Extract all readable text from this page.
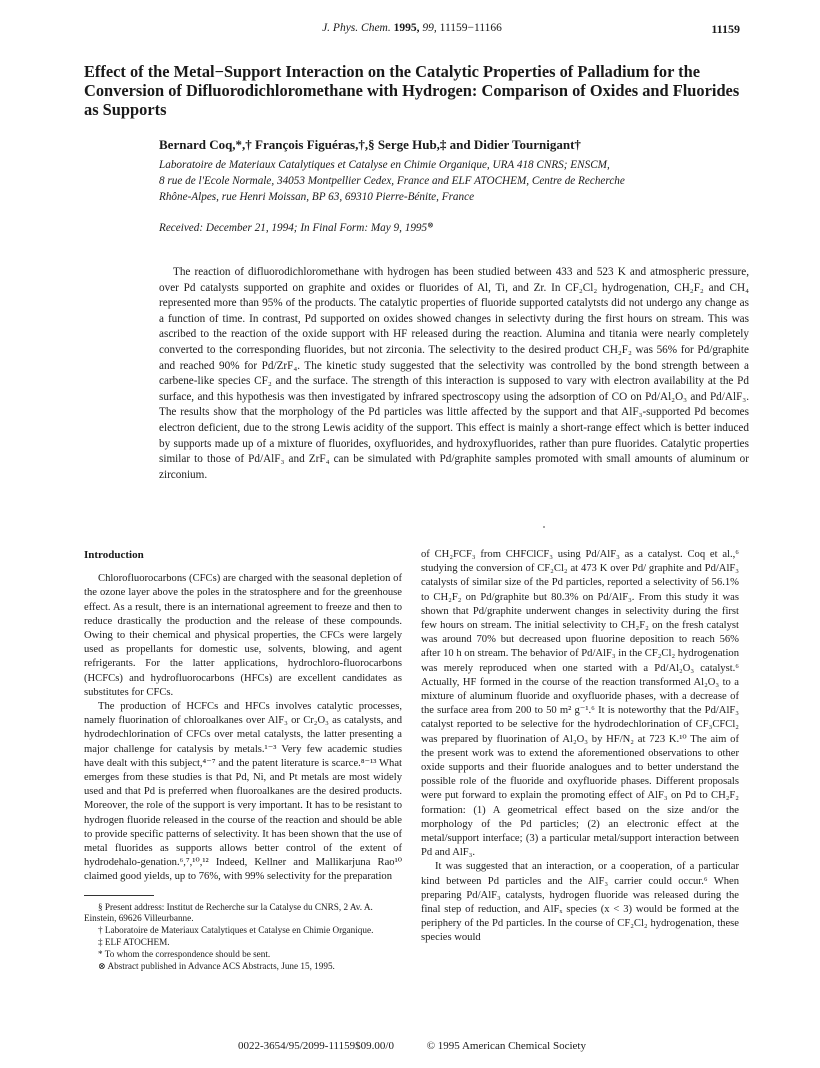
J. Phys. Chem. 1995, 99, 11159−11166	11159
Effect of the Metal−Support Interaction on the Catalytic Properties of Palladium for the Conversion of Difluorodichloromethane with Hydrogen: Comparison of Oxides and Fluorides as Supports
Bernard Coq,*,† François Figuéras,†,§ Serge Hub,‡ and Didier Tournigant†
Laboratoire de Materiaux Catalytiques et Catalyse en Chimie Organique, URA 418 CNRS; ENSCM,
8 rue de l'Ecole Normale, 34053 Montpellier Cedex, France and ELF ATOCHEM, Centre de Recherche
Rhône-Alpes, rue Henri Moissan, BP 63, 69310 Pierre-Bénite, France
Received: December 21, 1994; In Final Form: May 9, 1995⊗
The reaction of difluorodichloromethane with hydrogen has been studied between 433 and 523 K and atmospheric pressure, over Pd catalysts supported on graphite and oxides or fluorides of Al, Ti, and Zr. In CF₂Cl₂ hydrogenation, CH₂F₂ and CH₄ represented more than 95% of the products. The catalytic properties of fluoride supported catalytsts did not undergo any change as a function of time. In contrast, Pd supported on oxides showed changes in selectivty during the first hours on stream. This was ascribed to the reaction of the oxide support with HF released during the reaction. Alumina and titania were nearly completely converted to the corresponding fluorides, but not zirconia. The selectivity to the desired product CH₂F₂ was 56% for Pd/graphite and reached 90% for Pd/ZrF₄. The kinetic study suggested that the selectivity was controlled by the bond strength between a carbene-like species CF₂ and the surface. The strength of this interaction is supposed to vary with electron availability at the Pd surface, and this hypothesis was then investigated by infrared spectroscopy using the adsorption of CO on Pd/Al₂O₃ and Pd/AlF₃. The results show that the morphology of the Pd particles was little affected by the support and that AlF₃-supported Pd becomes electron deficient, due to the strong Lewis acidity of the support. This effect is mainly a short-range effect which is better induced by supports made up of a mixture of fluorides, oxyfluorides, and hydroxyfluorides, rather than pure fluorides. Catalytic properties similar to those of Pd/AlF₃ and ZrF₄ can be simulated with Pd/graphite samples promoted with small amounts of aluminum or zirconium.
Introduction

Chlorofluorocarbons (CFCs) are charged with the seasonal depletion of the ozone layer above the poles in the stratosphere and for the greenhouse effect. As a result, there is an international agreement to freeze and then to reduce drastically the production and the release of these compounds. Owing to their chemical and physical properties, the CFCs were largely used as propellants for domestic use, solvents, blowing, and agent refrigerants. For the latter applications, hydrochloro-fluorocarbons (HCFCs) and hydrofluorocarbons (HFCs) are excellent candidates as substitutes for CFCs.

The production of HCFCs and HFCs involves catalytic processes, namely fluorination of chloroalkanes over AlF₃ or Cr₂O₃ as catalysts, and hydrodechlorination of CFCs over metal catalysts, the latter presenting a major challenge for catalysis by metals.¹⁻³ Very few academic studies have dealt with this subject,⁴⁻⁷ and the patent literature is scarce.⁸⁻¹³ What emerges from these studies is that Pd, Ni, and Pt metals are most widely used and that Pd is preferred when fluoroalkanes are the desired products. Moreover, the role of the support is very important. It has to be resistant to hydrogen fluoride released in the course of the reaction and should be able to provide specific patterns of selectivity. It has been shown that the use of metal fluorides as supports allows better control of the extent of hydrodehalo-genation.⁶,⁷,¹⁰,¹² Indeed, Kellner and Mallikarjuna Rao¹⁰ claimed good yields, up to 76%, with 99% selectivity for the preparation

§ Present address: Institut de Recherche sur la Catalyse du CNRS, 2 Av. A. Einstein, 69626 Villeurbanne.

† Laboratoire de Materiaux Catalytiques et Catalyse en Chimie Organique.

‡ ELF ATOCHEM.

* To whom the correspondence should be sent.

⊗ Abstract published in Advance ACS Abstracts, June 15, 1995.

of CH₂FCF₃ from CHFClCF₃ using Pd/AlF₃ as a catalyst. Coq et al.,⁶ studying the conversion of CF₂Cl₂ at 473 K over Pd/ graphite and Pd/AlF₃ catalysts of similar size of the Pd particles, reported a selectivity of 56.1% to CH₂F₂ on Pd/graphite but 80.3% on Pd/AlF₃. From this study it was shown that Pd/graphite underwent changes in selectivity during the first few hours on stream. The initial selectivity to CH₂F₂ on the fresh catalyst was around 70% but decreased upon fluorine deposition to reach 56% after 10 h on stream. The behavior of Pd/AlF₃ in the CF₂Cl₂ hydrogenation was merely reproduced when one started with a Pd/Al₂O₃ catalyst.⁶ Actually, HF formed in the course of the reaction transformed Al₂O₃ to a mixture of aluminum fluoride and oxyfluoride phases, with a decrease of the surface area from 200 to 50 m² g⁻¹.⁶ It is noteworthy that the Pd/AlF₃ catalyst reported to be selective for the hydrodechlorination of CF₃CFCl₂ was prepared by fluorination of Al₂O₃ by HF/N₂ at 723 K.¹⁰ The aim of the present work was to extend the aforementioned observations to other oxide supports and their fluoride analogues and to better understand the possible role of the fluoride and oxyfluoride phases. Different proposals were put forward to explain the promoting effect of AlF₃ on Pd to CH₂F₂ formation: (1) A geometrical effect based on the size and/or the morphology of the Pd particles; (2) an electronic effect at the metal/support interface; (3) a particular metal/support interaction between Pd and AlF₃.

It was suggested that an interaction, or a cooperation, of a particular kind between Pd particles and the AlF₃ carrier could occur.⁶ When preparing Pd/AlF₃ catalysts, hydrogen fluoride was released during the final step of reduction, and AlFₓ species (x < 3) would be formed at the periphery of the Pd particles. In the course of CF₂Cl₂ hydrogenation, these species would

0022-3654/95/2099-11159$09.00/0	© 1995 American Chemical Society
